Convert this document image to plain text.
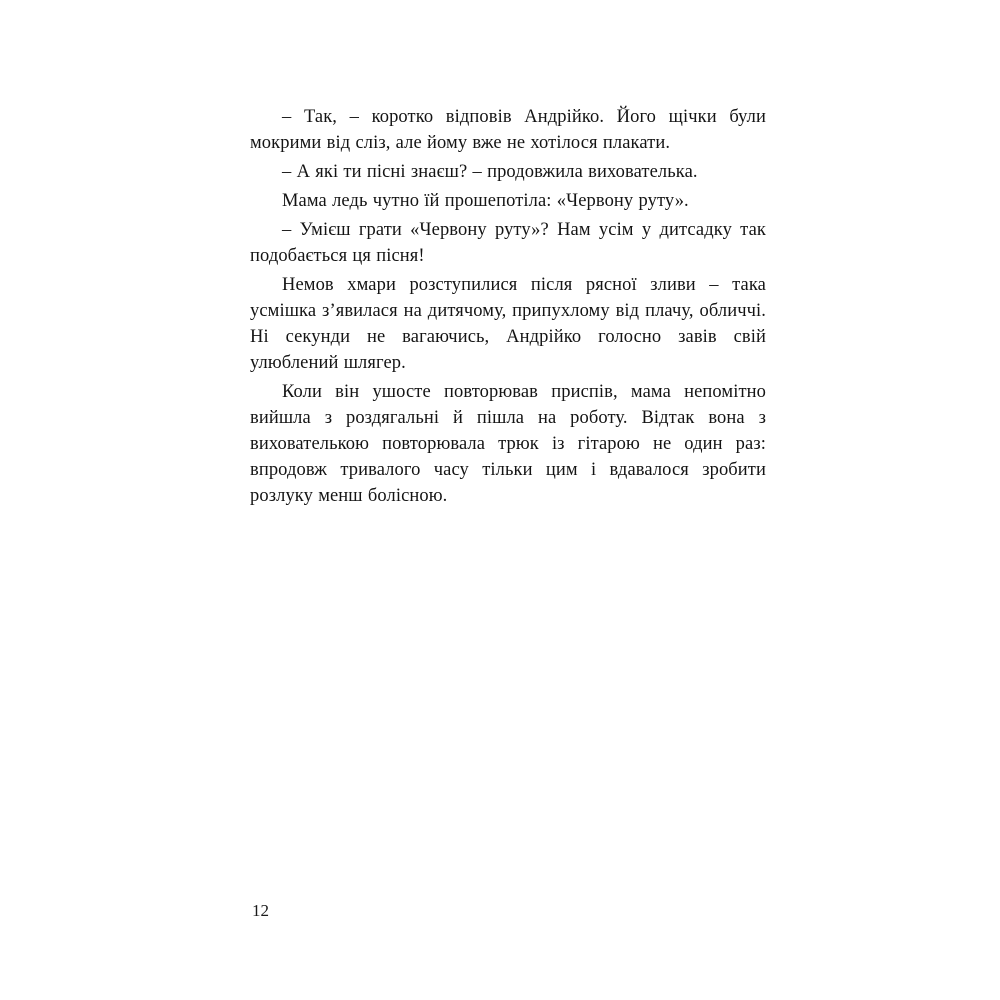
– Так, – коротко відповів Андрійко. Його щічки були мокрими від сліз, але йому вже не хотілося плакати.

– А які ти пісні знаєш? – продовжила вихователька.

Мама ледь чутно їй прошепотіла: «Червону руту».

– Умієш грати «Червону руту»? Нам усім у дитсадку так подобається ця пісня!

Немов хмари розступилися після рясної зливи – така усмішка з’явилася на дитячому, припухлому від плачу, обличчі. Ні секунди не вагаючись, Андрійко голосно завів свій улюблений шлягер.

Коли він ушосте повторював приспів, мама непомітно вийшла з роздягальні й пішла на роботу. Відтак вона з вихователькою повторювала трюк із гітарою не один раз: впродовж тривалого часу тільки цим і вдавалося зробити розлуку менш болісною.

12
